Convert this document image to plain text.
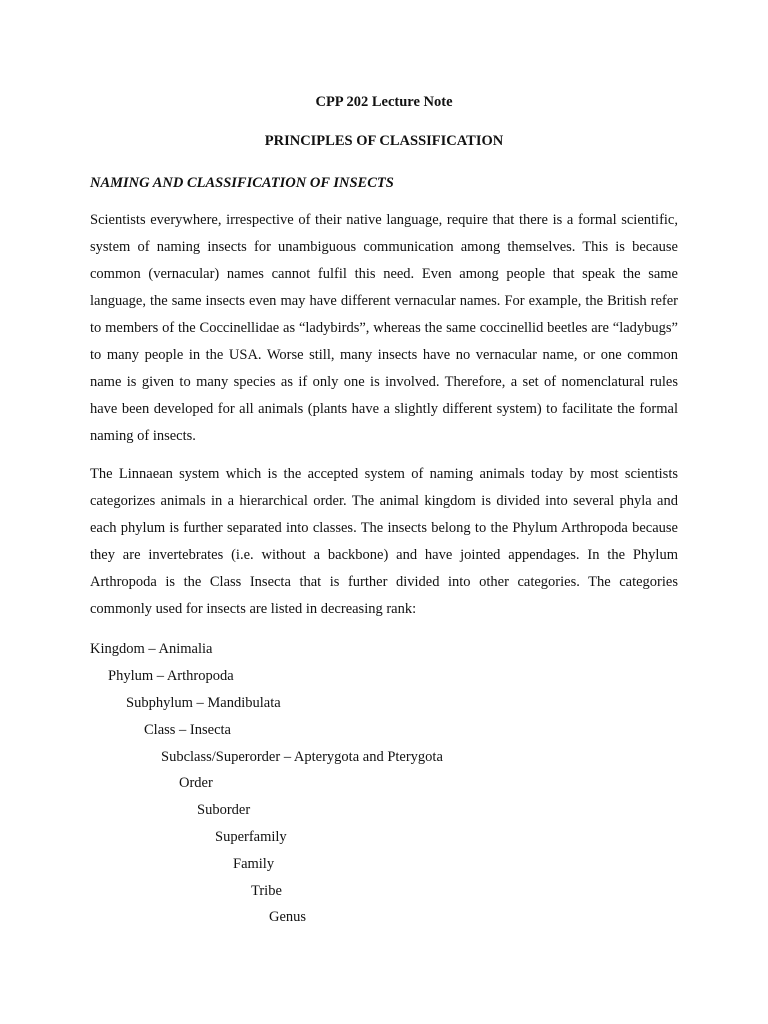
CPP 202 Lecture Note
PRINCIPLES OF CLASSIFICATION
NAMING AND CLASSIFICATION OF INSECTS

Scientists everywhere, irrespective of their native language, require that there is a formal scientific, system of naming insects for unambiguous communication among themselves. This is because common (vernacular) names cannot fulfil this need. Even among people that speak the same language, the same insects even may have different vernacular names. For example, the British refer to members of the Coccinellidae as “ladybirds”, whereas the same coccinellid beetles are “ladybugs” to many people in the USA. Worse still, many insects have no vernacular name, or one common name is given to many species as if only one is involved. Therefore, a set of nomenclatural rules have been developed for all animals (plants have a slightly different system) to facilitate the formal naming of insects.

The Linnaean system which is the accepted system of naming animals today by most scientists categorizes animals in a hierarchical order. The animal kingdom is divided into several phyla and each phylum is further separated into classes. The insects belong to the Phylum Arthropoda because they are invertebrates (i.e. without a backbone) and have jointed appendages. In the Phylum Arthropoda is the Class Insecta that is further divided into other categories. The categories commonly used for insects are listed in decreasing rank:

Kingdom – Animalia
Phylum – Arthropoda
Subphylum – Mandibulata
Class – Insecta
Subclass/Superorder – Apterygota and Pterygota
Order
Suborder
Superfamily
Family
Tribe
Genus
